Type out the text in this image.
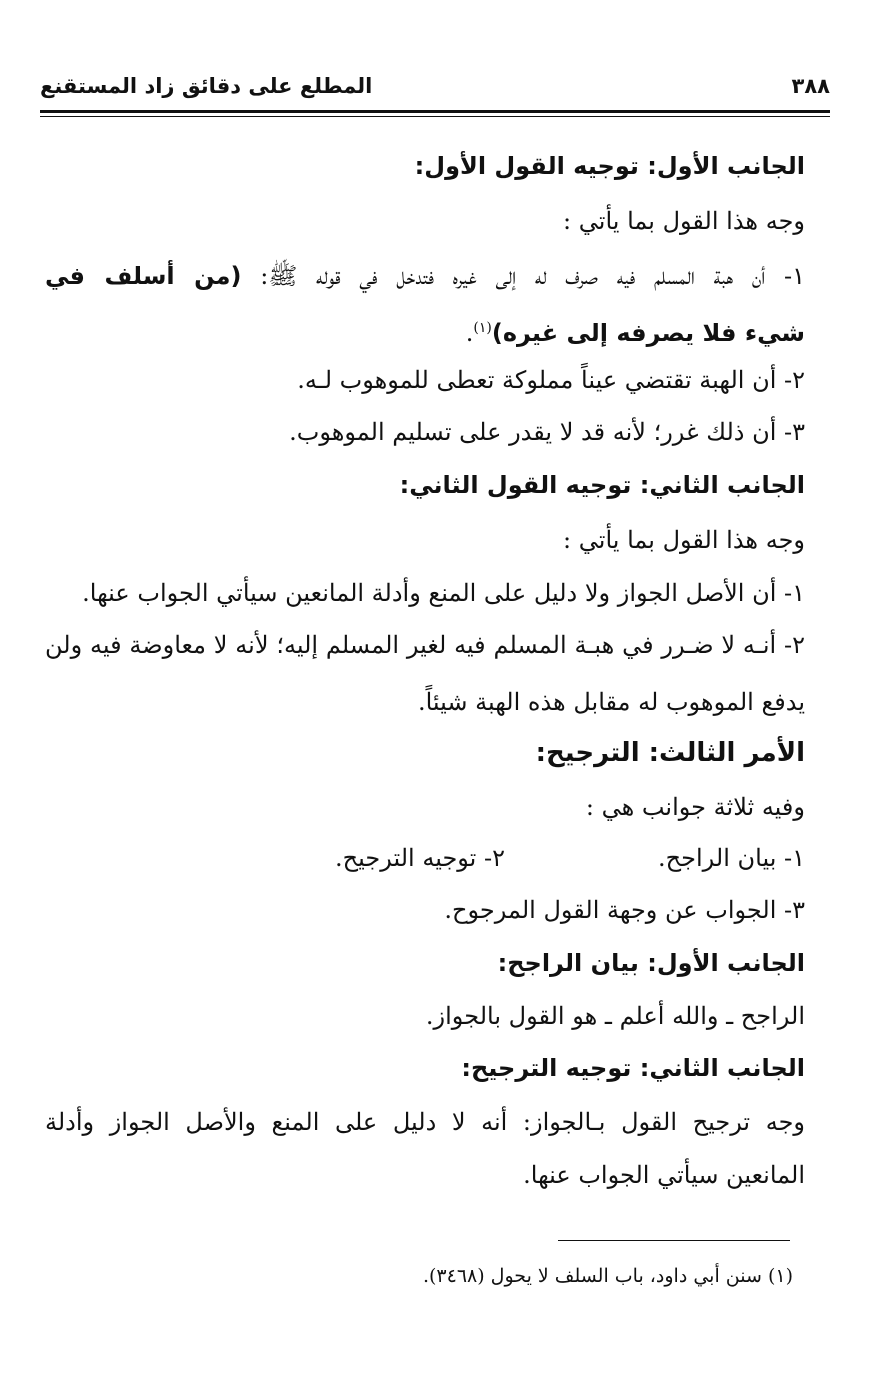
٣٨٨
المطلع على دقائق زاد المستقنع
الجانب الأول: توجيه القول الأول:
وجه هذا القول بما يأتي :
١- أن هبة المسلم فيه صرف له إلى غيره فتدخل في قوله ﷺ: (من أسلف في
شيء فلا يصرفه إلى غيره)$^{(١)}$.
٢- أن الهبة تقتضي عيناً مملوكة تعطى للموهوب لـه.
٣- أن ذلك غرر؛ لأنه قد لا يقدر على تسليم الموهوب.
الجانب الثاني: توجيه القول الثاني:
وجه هذا القول بما يأتي :
١- أن الأصل الجواز ولا دليل على المنع وأدلة المانعين سيأتي الجواب عنها.
٢- أنـه لا ضـرر في هبـة المسلم فيه لغير المسلم إليه؛ لأنه لا معاوضة فيه ولن
يدفع الموهوب له مقابل هذه الهبة شيئاً.
الأمر الثالث: الترجيح:
وفيه ثلاثة جوانب هي :
١- بيان الراجح.
٢- توجيه الترجيح.
٣- الجواب عن وجهة القول المرجوح.
الجانب الأول: بيان الراجح:
الراجح ـ والله أعلم ـ هو القول بالجواز.
الجانب الثاني: توجيه الترجيح:
وجه ترجيح القول بـالجواز: أنه لا دليل على المنع والأصل الجواز وأدلة
المانعين سيأتي الجواب عنها.
(١) سنن أبي داود، باب السلف لا يحول (٣٤٦٨).
